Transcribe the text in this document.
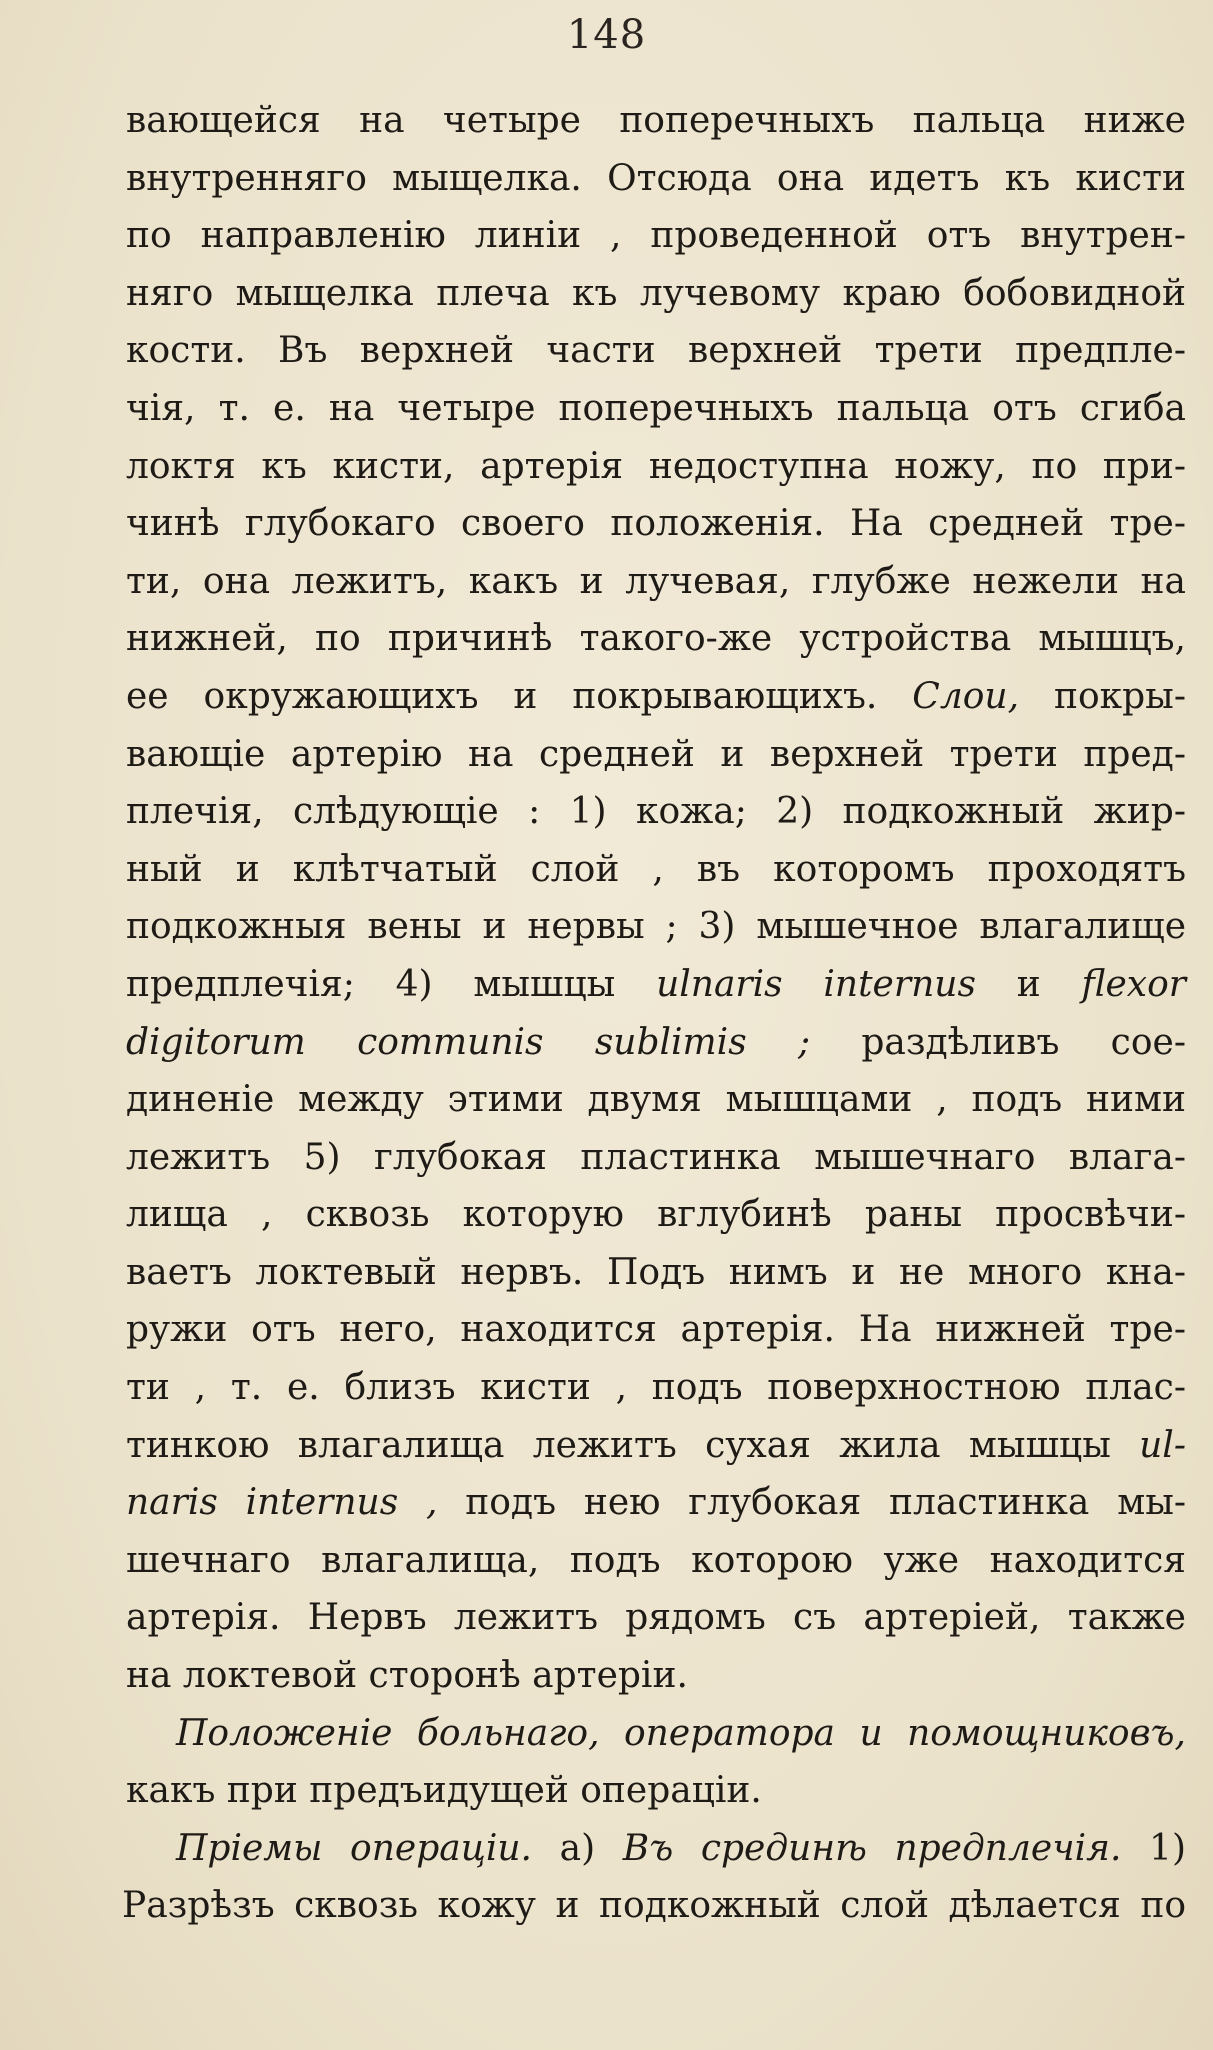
148
вающейся на четыре поперечныхъ пальца ниже
внутренняго мыщелка. Отсюда она идетъ къ кисти
по направленію линіи , проведенной отъ внутрен-
няго мыщелка плеча къ лучевому краю бобовидной
кости. Въ верхней части верхней трети предпле-
чія, т. е. на четыре поперечныхъ пальца отъ сгиба
локтя къ кисти, артерія недоступна ножу, по при-
чинѣ глубокаго своего положенія. На средней тре-
ти, она лежитъ, какъ и лучевая, глубже нежели на
нижней, по причинѣ такого-же устройства мышцъ,
ее окружающихъ и покрывающихъ. Слои, покры-
вающіе артерію на средней и верхней трети пред-
плечія, слѣдующіе : 1) кожа; 2) подкожный жир-
ный и клѣтчатый слой , въ которомъ проходятъ
подкожныя вены и нервы ; 3) мышечное влагалище
предплечія; 4) мышцы ulnaris internus и flexor
digitorum communis sublimis ; раздѣливъ сое-
диненіе между этими двумя мышцами , подъ ними
лежитъ 5) глубокая пластинка мышечнаго влага-
лища , сквозь которую вглубинѣ раны просвѣчи-
ваетъ локтевый нервъ. Подъ нимъ и не много кна-
ружи отъ него, находится артерія. На нижней тре-
ти , т. е. близъ кисти , подъ поверхностною плас-
тинкою влагалища лежитъ сухая жила мышцы ul-
naris internus , подъ нею глубокая пластинка мы-
шечнаго влагалища, подъ которою уже находится
артерія. Нервъ лежитъ рядомъ съ артеріей, также
на локтевой сторонѣ артеріи.
Положеніе больнаго, оператора и помощниковъ,
какъ при предъидущей операціи.
Пріемы операціи. а) Въ срединѣ предплечія. 1)
Разрѣзъ сквозь кожу и подкожный слой дѣлается по
